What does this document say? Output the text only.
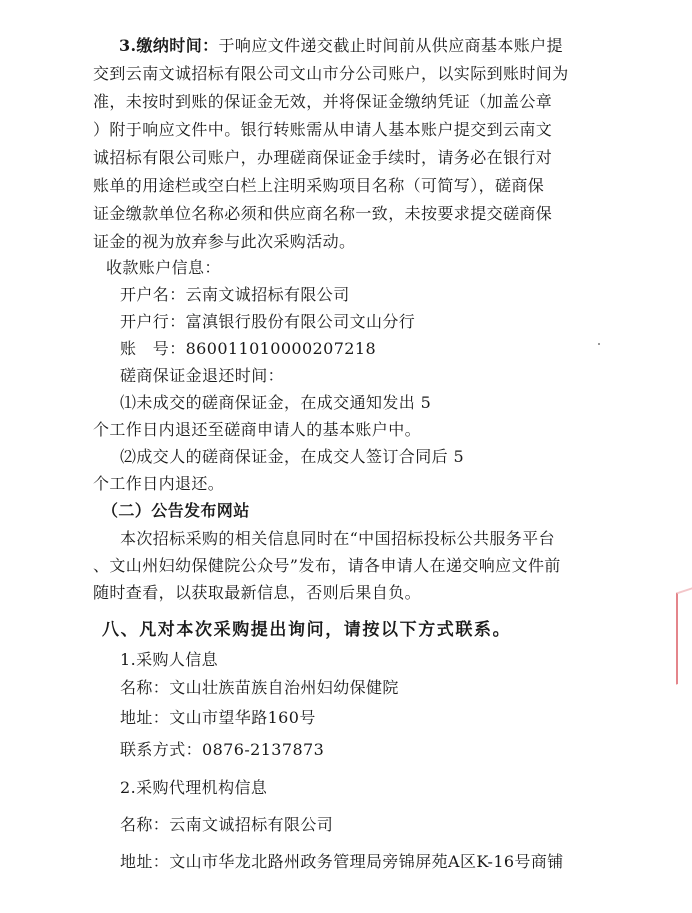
3.缴纳时间：于响应文件递交截止时间前从供应商基本账户提
交到云南文诚招标有限公司文山市分公司账户，以实际到账时间为
准，未按时到账的保证金无效，并将保证金缴纳凭证（加盖公章
）附于响应文件中。银行转账需从申请人基本账户提交到云南文
诚招标有限公司账户，办理磋商保证金手续时，请务必在银行对
账单的用途栏或空白栏上注明采购项目名称（可简写），磋商保
证金缴款单位名称必须和供应商名称一致，未按要求提交磋商保
证金的视为放弃参与此次采购活动。
收款账户信息：
开户名：云南文诚招标有限公司
开户行：富滇银行股份有限公司文山分行
账　号：860011010000207218
磋商保证金退还时间：
⑴未成交的磋商保证金，在成交通知发出 5
个工作日内退还至磋商申请人的基本账户中。
⑵成交人的磋商保证金，在成交人签订合同后 5
个工作日内退还。
（二）公告发布网站
本次招标采购的相关信息同时在“中国招标投标公共服务平台
、文山州妇幼保健院公众号”发布，请各申请人在递交响应文件前
随时查看，以获取最新信息，否则后果自负。
八、凡对本次采购提出询问，请按以下方式联系。
1.采购人信息
名称：文山壮族苗族自治州妇幼保健院
地址：文山市望华路160号
联系方式：0876-2137873
2.采购代理机构信息
名称：云南文诚招标有限公司
地址：文山市华龙北路州政务管理局旁锦屏苑A区K-16号商铺
